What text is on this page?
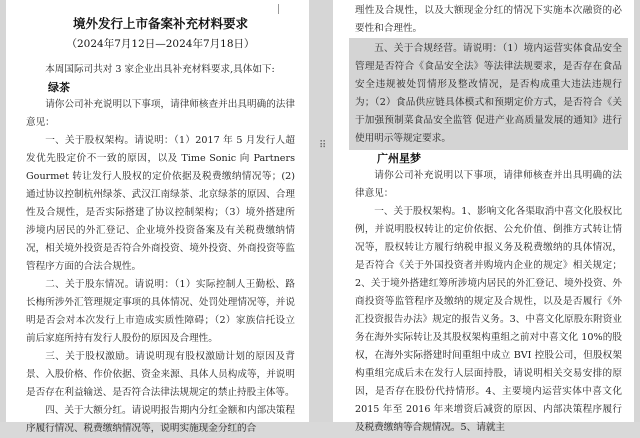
境外发行上市备案补充材料要求
（2024年7月12日—2024年7月18日）

本周国际司共对 3 家企业出具补充材料要求,具体如下:

绿茶

请你公司补充说明以下事项，请律师核查并出具明确的法律意见：

一、关于股权架构。请说明：（1）2017 年 5 月发行人超发优先股定价不一致的原因，以及 Time Sonic 向 Partners Gourmet 转让发行人股权的定价依据及税费缴纳情况等；(2)通过协议控制杭州绿茶、武汉江南绿茶、北京绿茶的原因、合理性及合规性，是否实际搭建了协议控制架构；（3）境外搭建所涉境内居民的外汇登记、企业境外投资备案及有关税费缴纳情况，相关境外投资是否符合外商投资、境外投资、外商投资等监管程序方面的合法合规性。

二、关于股东情况。请说明：（1）实际控制人王勤松、路长梅所涉外汇管理规定事项的具体情况、处罚处理情况等，并说明是否会对本次发行上市造成实质性障碍；（2）家族信托设立前后家庭所持有发行人股份的原因及合理性。

三、关于股权激励。请说明现有股权激励计划的原因及背景、入股价格、作价依据、资金来源、具体人员构成等，并说明是否存在利益输送、是否符合法律法规规定的禁止持股主体等。

四、关于大额分红。请说明报告期内分红金额和内部决策程序履行情况、税费缴纳情况等，说明实施现金分红的合

⠿

理性及合规性，以及大额现金分红的情况下实施本次融资的必要性和合理性。

五、关于合规经营。请说明：（1）境内运营实体食品安全管理是否符合《食品安全法》等法律法规要求，是否存在食品安全违规被处罚情形及整改情况，是否构成重大违法违规行为；（2）食品供应链具体模式和预期定价方式，是否符合《关于加强预制菜食品安全监管 促进产业高质量发展的通知》进行使用明示等规定要求。

广州星梦

请你公司补充说明以下事项，请律师核查并出具明确的法律意见：

一、关于股权架构。1、影响文化各渠取消中喜文化股权比例，并说明股权转让的定价依据、公允价值、倒推方式转让情况等，股权转让方履行纳税申报义务及税费缴纳的具体情况，是否符合《关于外国投资者并购境内企业的规定》相关规定；2、关于境外搭建红筹所涉境内居民的外汇登记、境外投资、外商投资等监管程序及缴纳的规定及合规性，以及是否履行《外汇投资报告办法》规定的报告义务。3、中喜文化原股东附资业务在海外实际转让及其股权架构重组之前对中喜文化 10%的股权，在海外实际搭建时间重组中成立 BVI 控股公司，但股权架构重组完成后未在发行人层面持股，请说明相关交易安排的原因，是否存在股份代持情形。4、主要境内运营实体中喜文化 2015 年至 2016 年来增资后减资的原因、内部决策程序履行及税费缴纳等合规情况。5、请就主
